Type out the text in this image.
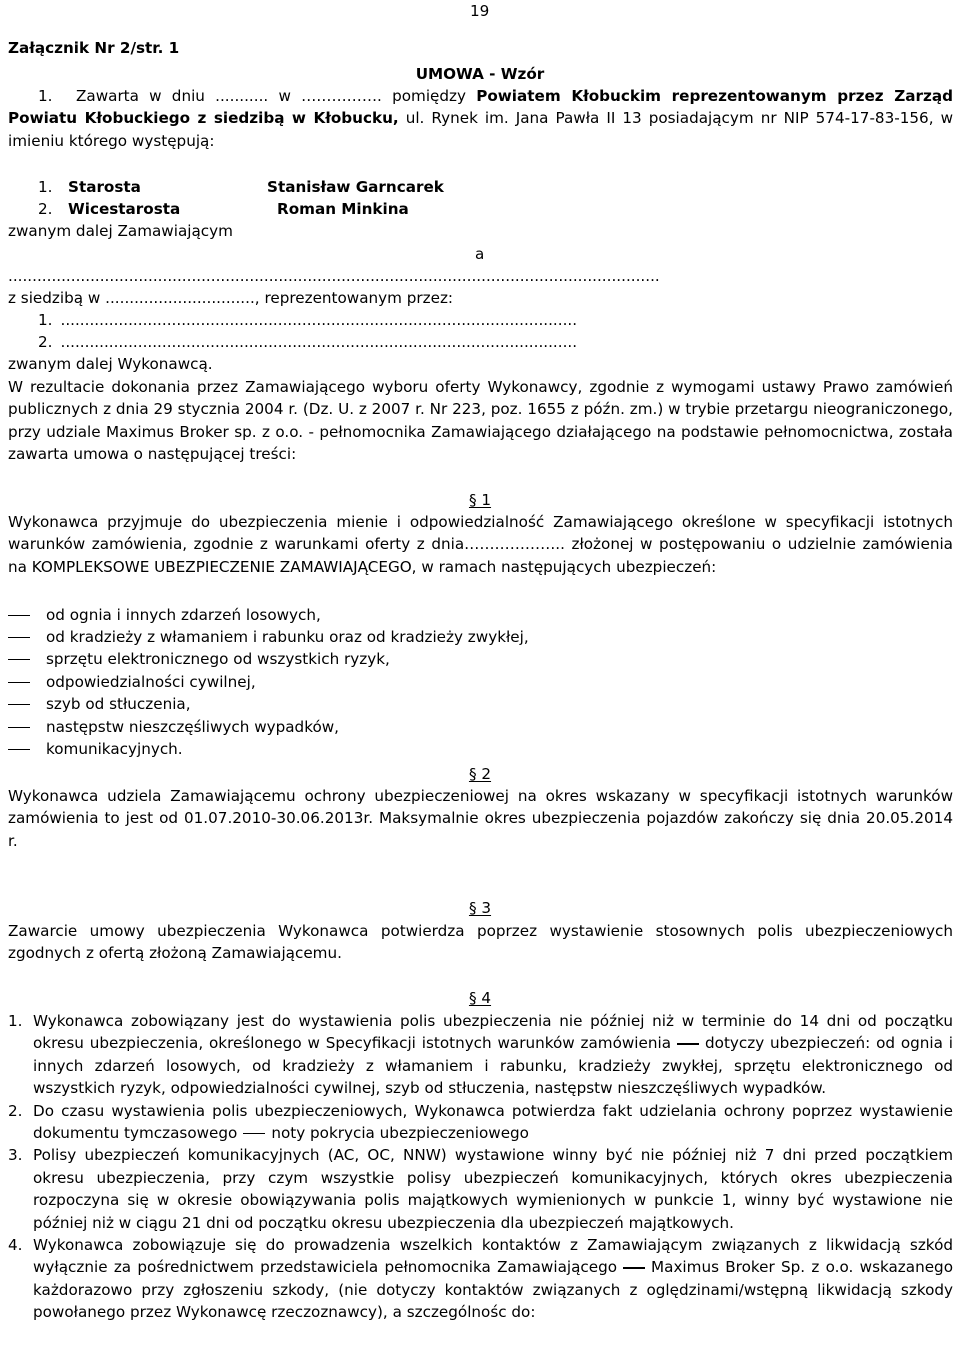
19
Załącznik Nr 2/str. 1
UMOWA - Wzór
1. Zawarta w dniu ........... w ……………. pomiędzy Powiatem Kłobuckim reprezentowanym przez Zarząd Powiatu Kłobuckiego z siedzibą w Kłobucku, ul. Rynek im. Jana Pawła II 13 posiadającym nr NIP 574-17-83-156, w imieniu którego występują:
1. Starosta	Stanisław Garncarek
2. Wicestarosta	Roman Minkina
zwanym dalej Zamawiającym
a
.......................................................................................................................................
z siedzibą w ..............................., reprezentowanym przez:
1. ...........................................................................................................
2. ...........................................................................................................
zwanym dalej Wykonawcą.
W rezultacie dokonania przez Zamawiającego wyboru oferty Wykonawcy, zgodnie z wymogami ustawy Prawo zamówień publicznych z dnia 29 stycznia 2004 r. (Dz. U. z 2007 r. Nr 223, poz. 1655 z późn. zm.) w trybie przetargu nieograniczonego, przy udziale Maximus Broker sp. z o.o. - pełnomocnika Zamawiającego działającego na podstawie pełnomocnictwa, została zawarta umowa o następującej treści:
§ 1
Wykonawca przyjmuje do ubezpieczenia mienie i odpowiedzialność Zamawiającego określone w specyfikacji istotnych warunków zamówienia, zgodnie z warunkami oferty z dnia……………….. złożonej w postępowaniu o udzielnie zamówienia na KOMPLEKSOWE UBEZPIECZENIE ZAMAWIAJĄCEGO, w ramach następujących ubezpieczeń:
od ognia i innych zdarzeń losowych,
od kradzieży z włamaniem i rabunku oraz od kradzieży zwykłej,
sprzętu elektronicznego od wszystkich ryzyk,
odpowiedzialności cywilnej,
szyb od stłuczenia,
następstw nieszczęśliwych wypadków,
komunikacyjnych.
§ 2
Wykonawca udziela Zamawiającemu ochrony ubezpieczeniowej na okres wskazany w specyfikacji istotnych warunków zamówienia to jest od 01.07.2010-30.06.2013r. Maksymalnie okres ubezpieczenia pojazdów zakończy się dnia 20.05.2014 r.
§ 3
Zawarcie umowy ubezpieczenia Wykonawca potwierdza poprzez wystawienie stosownych polis ubezpieczeniowych zgodnych z ofertą złożoną Zamawiającemu.
§ 4
1. Wykonawca zobowiązany jest do wystawienia polis ubezpieczenia nie później niż w terminie do 14 dni od początku okresu ubezpieczenia, określonego w Specyfikacji istotnych warunków zamówienia dotyczy ubezpieczeń: od ognia i innych zdarzeń losowych, od kradzieży z włamaniem i rabunku, kradzieży zwykłej, sprzętu elektronicznego od wszystkich ryzyk, odpowiedzialności cywilnej, szyb od stłuczenia, następstw nieszczęśliwych wypadków.
2. Do czasu wystawienia polis ubezpieczeniowych, Wykonawca potwierdza fakt udzielania ochrony poprzez wystawienie dokumentu tymczasowego noty pokrycia ubezpieczeniowego
3. Polisy ubezpieczeń komunikacyjnych (AC, OC, NNW) wystawione winny być nie później niż 7 dni przed początkiem okresu ubezpieczenia, przy czym wszystkie polisy ubezpieczeń komunikacyjnych, których okres ubezpieczenia rozpoczyna się w okresie obowiązywania polis majątkowych wymienionych w punkcie 1, winny być wystawione nie później niż w ciągu 21 dni od początku okresu ubezpieczenia dla ubezpieczeń majątkowych.
4. Wykonawca zobowiązuje się do prowadzenia wszelkich kontaktów z Zamawiającym związanych z likwidacją szkód wyłącznie za pośrednictwem przedstawiciela pełnomocnika Zamawiającego Maximus Broker Sp. z o.o. wskazanego każdorazowo przy zgłoszeniu szkody, (nie dotyczy kontaktów związanych z oględzinami/wstępną likwidacją szkody powołanego przez Wykonawcę rzeczoznawcy), a szczególnośc do:
